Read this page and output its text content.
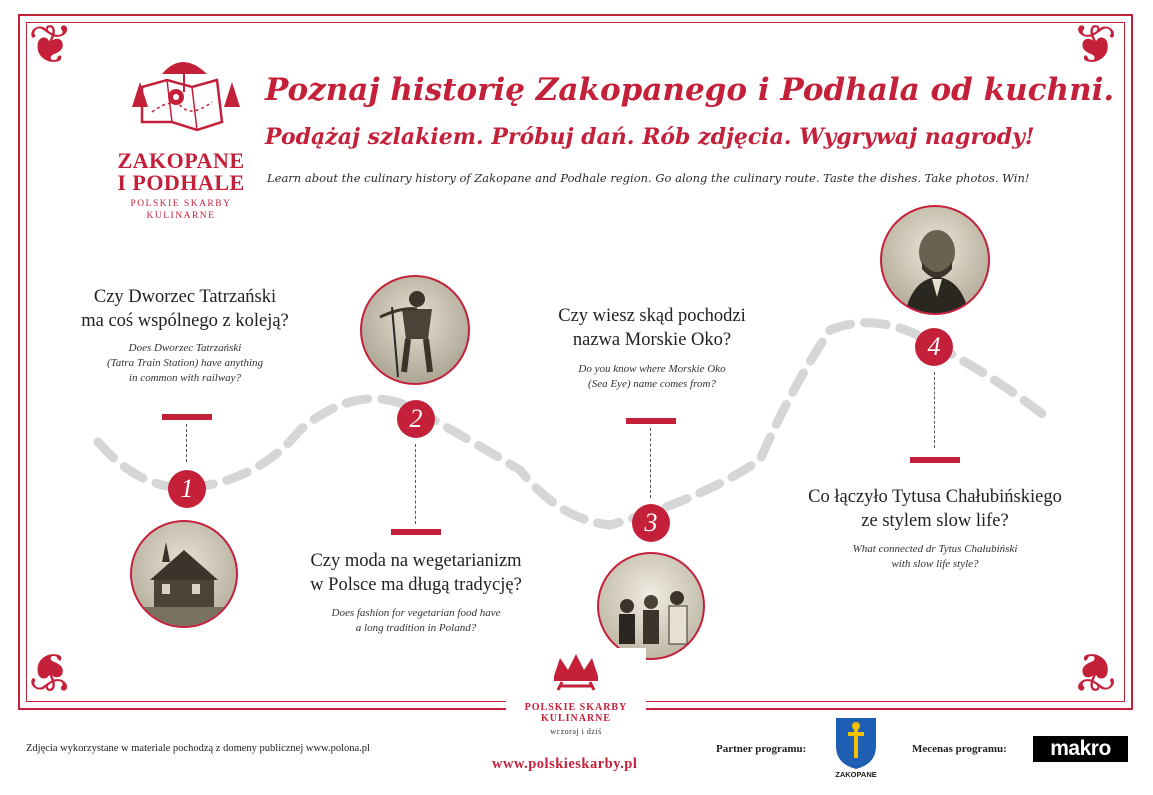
❦	❦
❦	❦
ZAKOPANE
I PODHALE
POLSKIE SKARBY
KULINARNE
Poznaj historię Zakopanego i Podhala od kuchni.
Podążaj szlakiem. Próbuj dań. Rób zdjęcia. Wygrywaj nagrody!
Learn about the culinary history of Zakopane and Podhale region. Go along the culinary route. Taste the dishes. Take photos. Win!
Czy Dworzec Tatrzański
ma coś wspólnego z koleją?
Does Dworzec Tatrzański
(Tatra Train Station) have anything
in common with railway?
1
2
Czy moda na wegetarianizm
w Polsce ma długą tradycję?
Does fashion for vegetarian food have
a long tradition in Poland?
Czy wiesz skąd pochodzi
nazwa Morskie Oko?
Do you know where Morskie Oko
(Sea Eye) name comes from?
3
4
Co łączyło Tytusa Chałubińskiego
ze stylem slow life?
What connected dr Tytus Chałubiński
with slow life style?
POLSKIE SKARBY
KULINARNE
wczoraj i dziś
Zdjęcia wykorzystane w materiale pochodzą z domeny publicznej www.polona.pl
www.polskieskarby.pl
Partner programu:
ZAKOPANE
Mecenas programu:	makro
